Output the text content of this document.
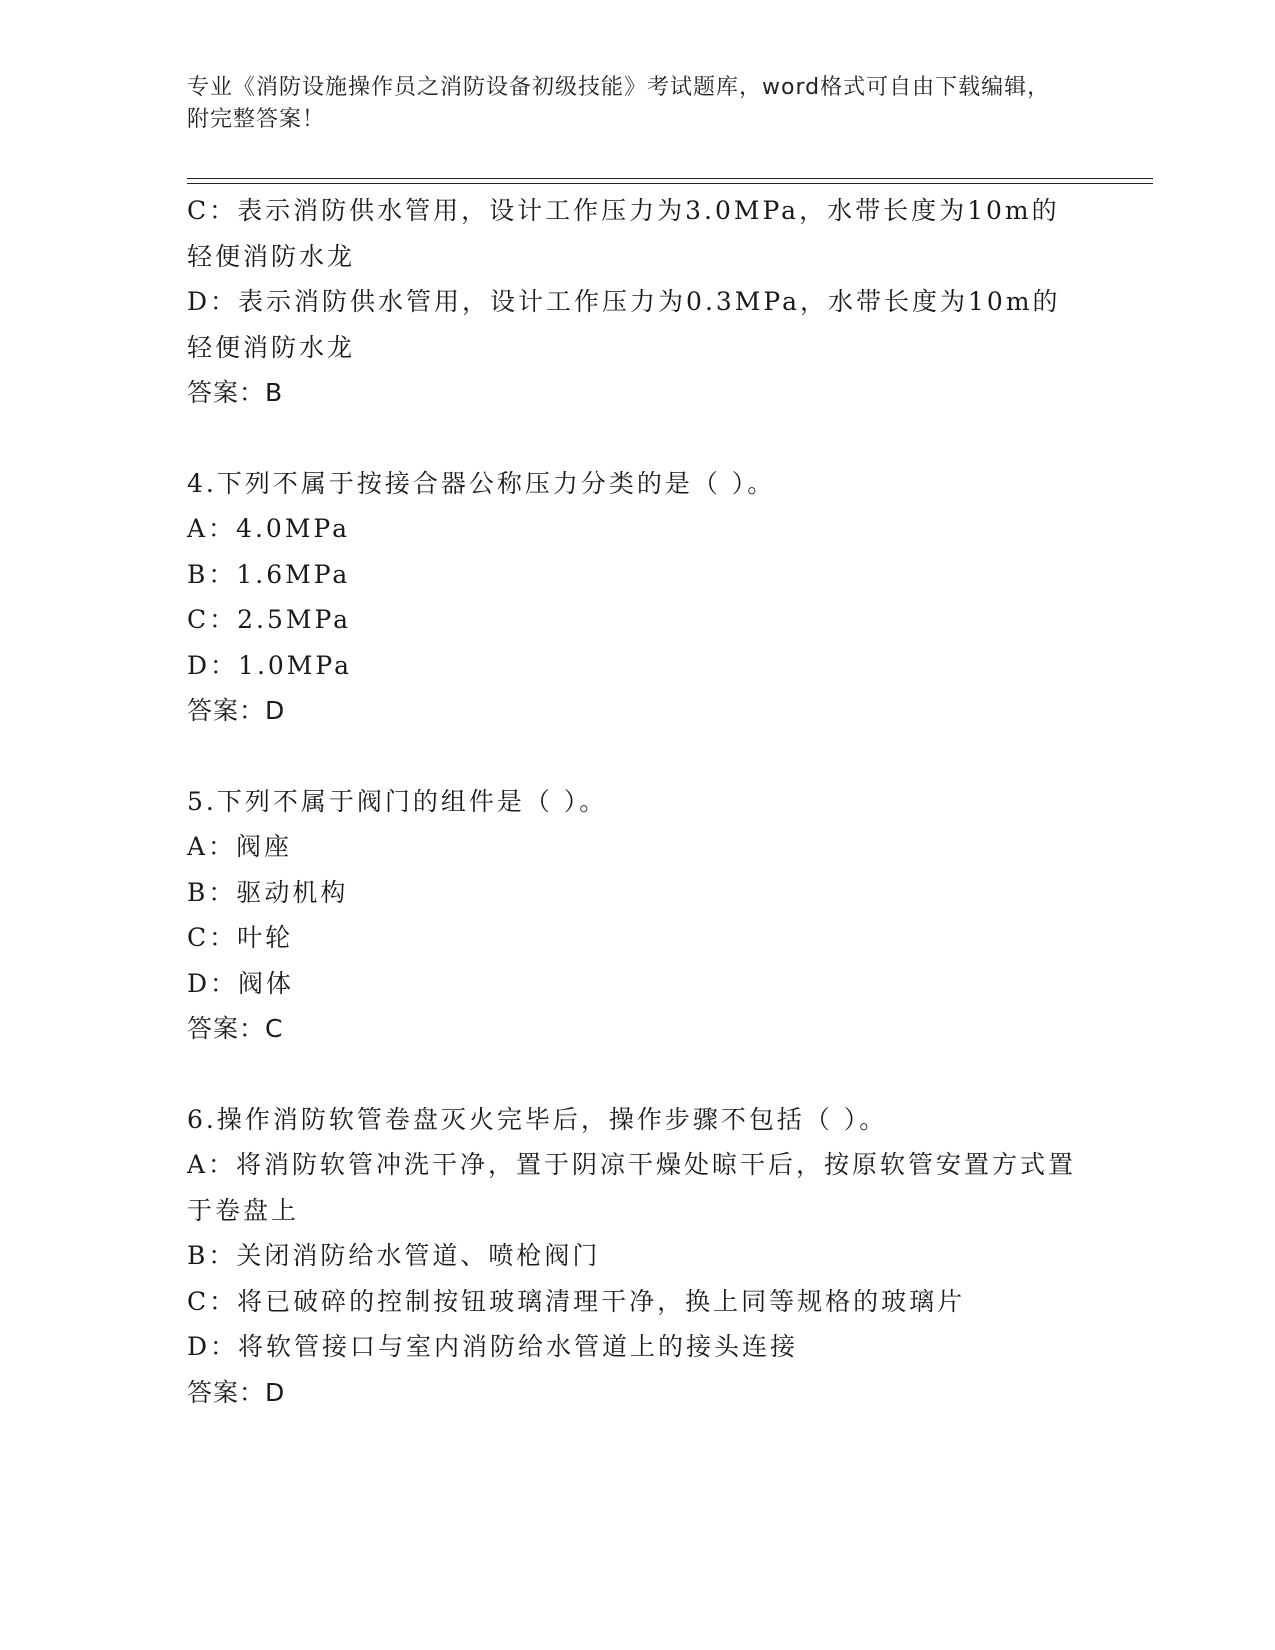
专业《消防设施操作员之消防设备初级技能》考试题库，word格式可自由下载编辑，附完整答案！

C：表示消防供水管用，设计工作压力为3.0MPa，水带长度为10m的轻便消防水龙

D：表示消防供水管用，设计工作压力为0.3MPa，水带长度为10m的轻便消防水龙

答案：B

4.下列不属于按接合器公称压力分类的是（ ）。

A：4.0MPa

B：1.6MPa

C：2.5MPa

D：1.0MPa

答案：D

5.下列不属于阀门的组件是（ ）。

A：阀座

B：驱动机构

C：叶轮

D：阀体

答案：C

6.操作消防软管卷盘灭火完毕后，操作步骤不包括（ ）。

A：将消防软管冲洗干净，置于阴凉干燥处晾干后，按原软管安置方式置于卷盘上

B：关闭消防给水管道、喷枪阀门

C：将已破碎的控制按钮玻璃清理干净，换上同等规格的玻璃片

D：将软管接口与室内消防给水管道上的接头连接

答案：D
